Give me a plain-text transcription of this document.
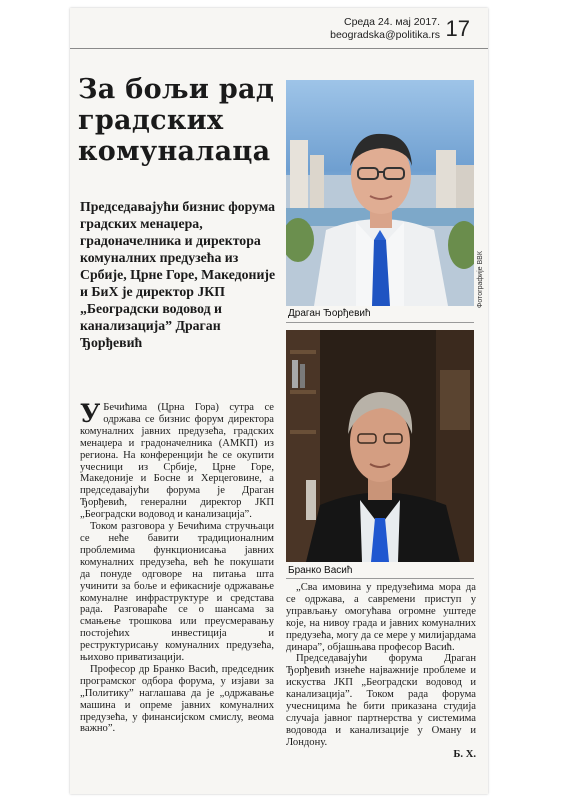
Среда 24. мај 2017.
beogradska@politika.rs 17
За бољи рад
градских
комуналаца
Председавајући бизнис форума градских менаџера, градоначелника и директора комуналних предузећа из Србије, Црне Горе, Македоније и БиХ је директор ЈКП „Београдски водовод и канализација” Драган Ђорђевић
Фотографије ВВК
Драган Ђорђевић
Бранко Васић

У Бечићима (Црна Гора) сутра се одржава се бизнис форум директора комуналних јавних предузећа, градских менаџера и градоначелника (АМКП) из региона. На конференцији ће се окупити учесници из Србије, Црне Горе, Македоније и Босне и Херцеговине, а председавајући форума је Драган Ђорђевић, генерални директор ЈКП „Београдски водовод и канализација”.

Током разговора у Бечићима стручњаци се неће бавити традиционалним проблемима функционисања јавних комуналних предузећа, већ ће покушати да понуде одговоре на питања шта учинити за боље и ефикасније одржавање комуналне инфраструктуре и средстава рада. Разговараће се о шансама за смањење трошкова или преусмеравању постојећих инвестиција и реструктурисању комуналних предузећа, њихово приватизацији.

Професор др Бранко Васић, председник програмског одбора форума, у изјави за „Политику” наглашава да је „одржавање машина и опреме јавних комуналних предузећа, у финансијском смислу, веома важно”.

„Сва имовина у предузећима мора да се одржава, а савремени приступ у управљању омогућава огромне уштеде које, на нивоу града и јавних комуналних предузећа, могу да се мере у милијардама динара”, објашњава професор Васић.

Председавајући форума Драган Ђорђевић изнеће најважније проблеме и искуства ЈКП „Београдски водовод и канализација”. Током рада форума учесницима ће бити приказана студија случаја јавног партнерства у системима водовода и канализације у Оману и Лондону.

Б. Х.
